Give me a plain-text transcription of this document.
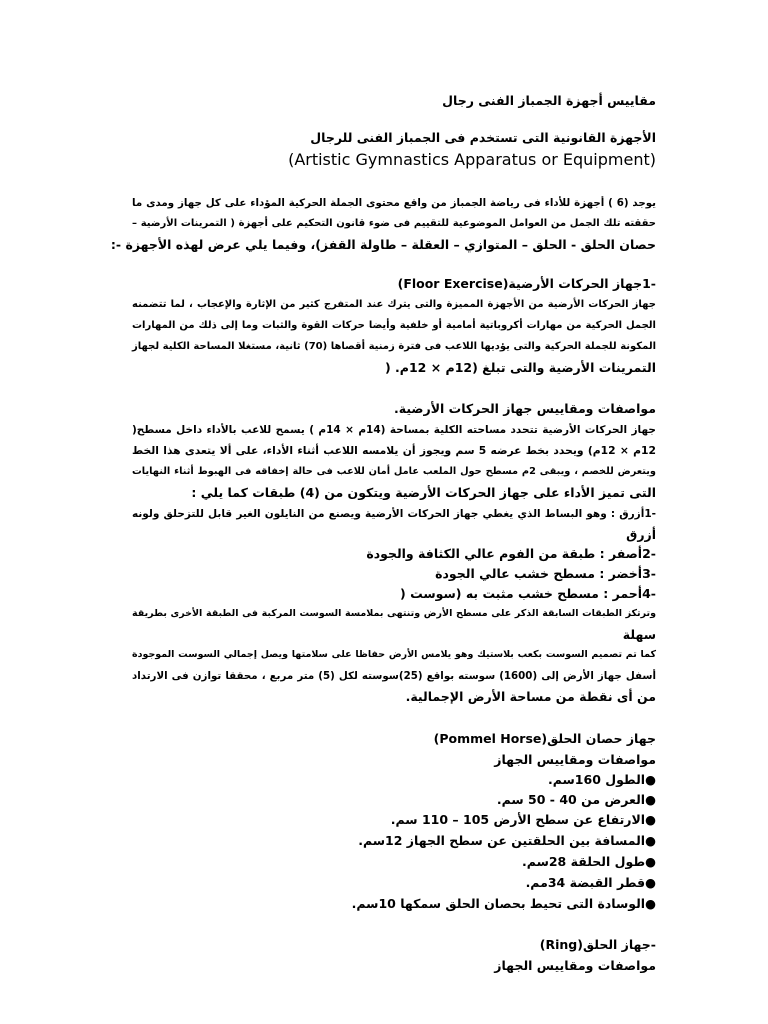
مقاييس أجهزة الجمباز الفنى رجال
الأجهزة القانونية التى تستخدم فى الجمباز الفنى للرجال
(Artistic Gymnastics Apparatus or Equipment)
يوجد (6 ) أجهزة للأداء فى رياضة الجمباز من واقع محتوى الجملة الحركية المؤداء على كل جهاز ومدى ما
حققته تلك الجمل من العوامل الموضوعية للتقييم فى ضوء قانون التحكيم على أجهزة ( التمرينات الأرضية –
حصان الحلق - الحلق – المتوازي – العقلة – طاولة القفز)، وفيما يلي عرض لهذه الأجهزة -:
-1جهاز الحركات الأرضية(Floor Exercise)
جهاز الحركات الأرضية من الأجهزة المميزة والتى يترك عند المتفرج كثير من الإثارة والإعجاب ، لما تتضمنه
الجمل الحركية من مهارات أكروباتية أمامية أو خلفية وأيضا حركات القوة والثبات وما إلى ذلك من المهارات
المكونة للجملة الحركية والتى يؤديها اللاعب فى فترة زمنية أقصاها (70) ثانية، مستغلا المساحة الكلية لجهاز
التمرينات الأرضية والتى تبلغ (12م × 12م. (
مواصفات ومقاييس جهاز الحركات الأرضية.
جهاز الحركات الأرضية تتحدد مساحته الكلية بمساحة (14م × 14م ) يسمح للاعب بالأداء داخل مسطح(
12م × 12م) ويحدد بخط عرضه 5 سم ويجوز أن يلامسه اللاعب أثناء الأداء، على ألا يتعدى هذا الخط
ويتعرض للخصم ، ويبقى 2م مسطح حول الملعب عامل أمان للاعب فى حالة إخفاقه فى الهبوط أثناء النهايات
التى تميز الأداء على جهاز الحركات الأرضية ويتكون من (4) طبقات كما يلي :
-1أزرق : وهو البساط الذي يغطي جهاز الحركات الأرضية ويصنع من النايلون الغير قابل للتزحلق ولونه
أزرق
-2أصفر : طبقة من الفوم عالي الكثافة والجودة
-3أخضر : مسطح خشب عالي الجودة
-4أحمر : مسطح خشب مثبت به (سوست (
وترتكز الطبقات السابقة الذكر على مسطح الأرض وتنتهى بملامسة السوست المركبة فى الطبقة الأخرى بطريقة
سهلة
كما تم تصميم السوست بكعب بلاستيك وهو يلامس الأرض حفاظا على سلامتها ويصل إجمالي السوست الموجودة
أسفل جهاز الأرض إلى (1600) سوسته بواقع (25)سوسته لكل (5) متر مربع ، محققا توازن فى الارتداد
من أى نقطة من مساحة الأرض الإجمالية.
جهاز حصان الحلق(Pommel Horse)
مواصفات ومقاييس الجهاز
●الطول 160سم.
●العرض من 40 - 50 سم.
●الارتفاع عن سطح الأرض 105 – 110 سم.
●المسافة بين الحلقتين عن سطح الجهاز 12سم.
●طول الحلقة 28سم.
●قطر القبضة 34مم.
●الوسادة التى تحيط بحصان الحلق سمكها 10سم.
-جهاز الحلق(Ring)
مواصفات ومقاييس الجهاز
